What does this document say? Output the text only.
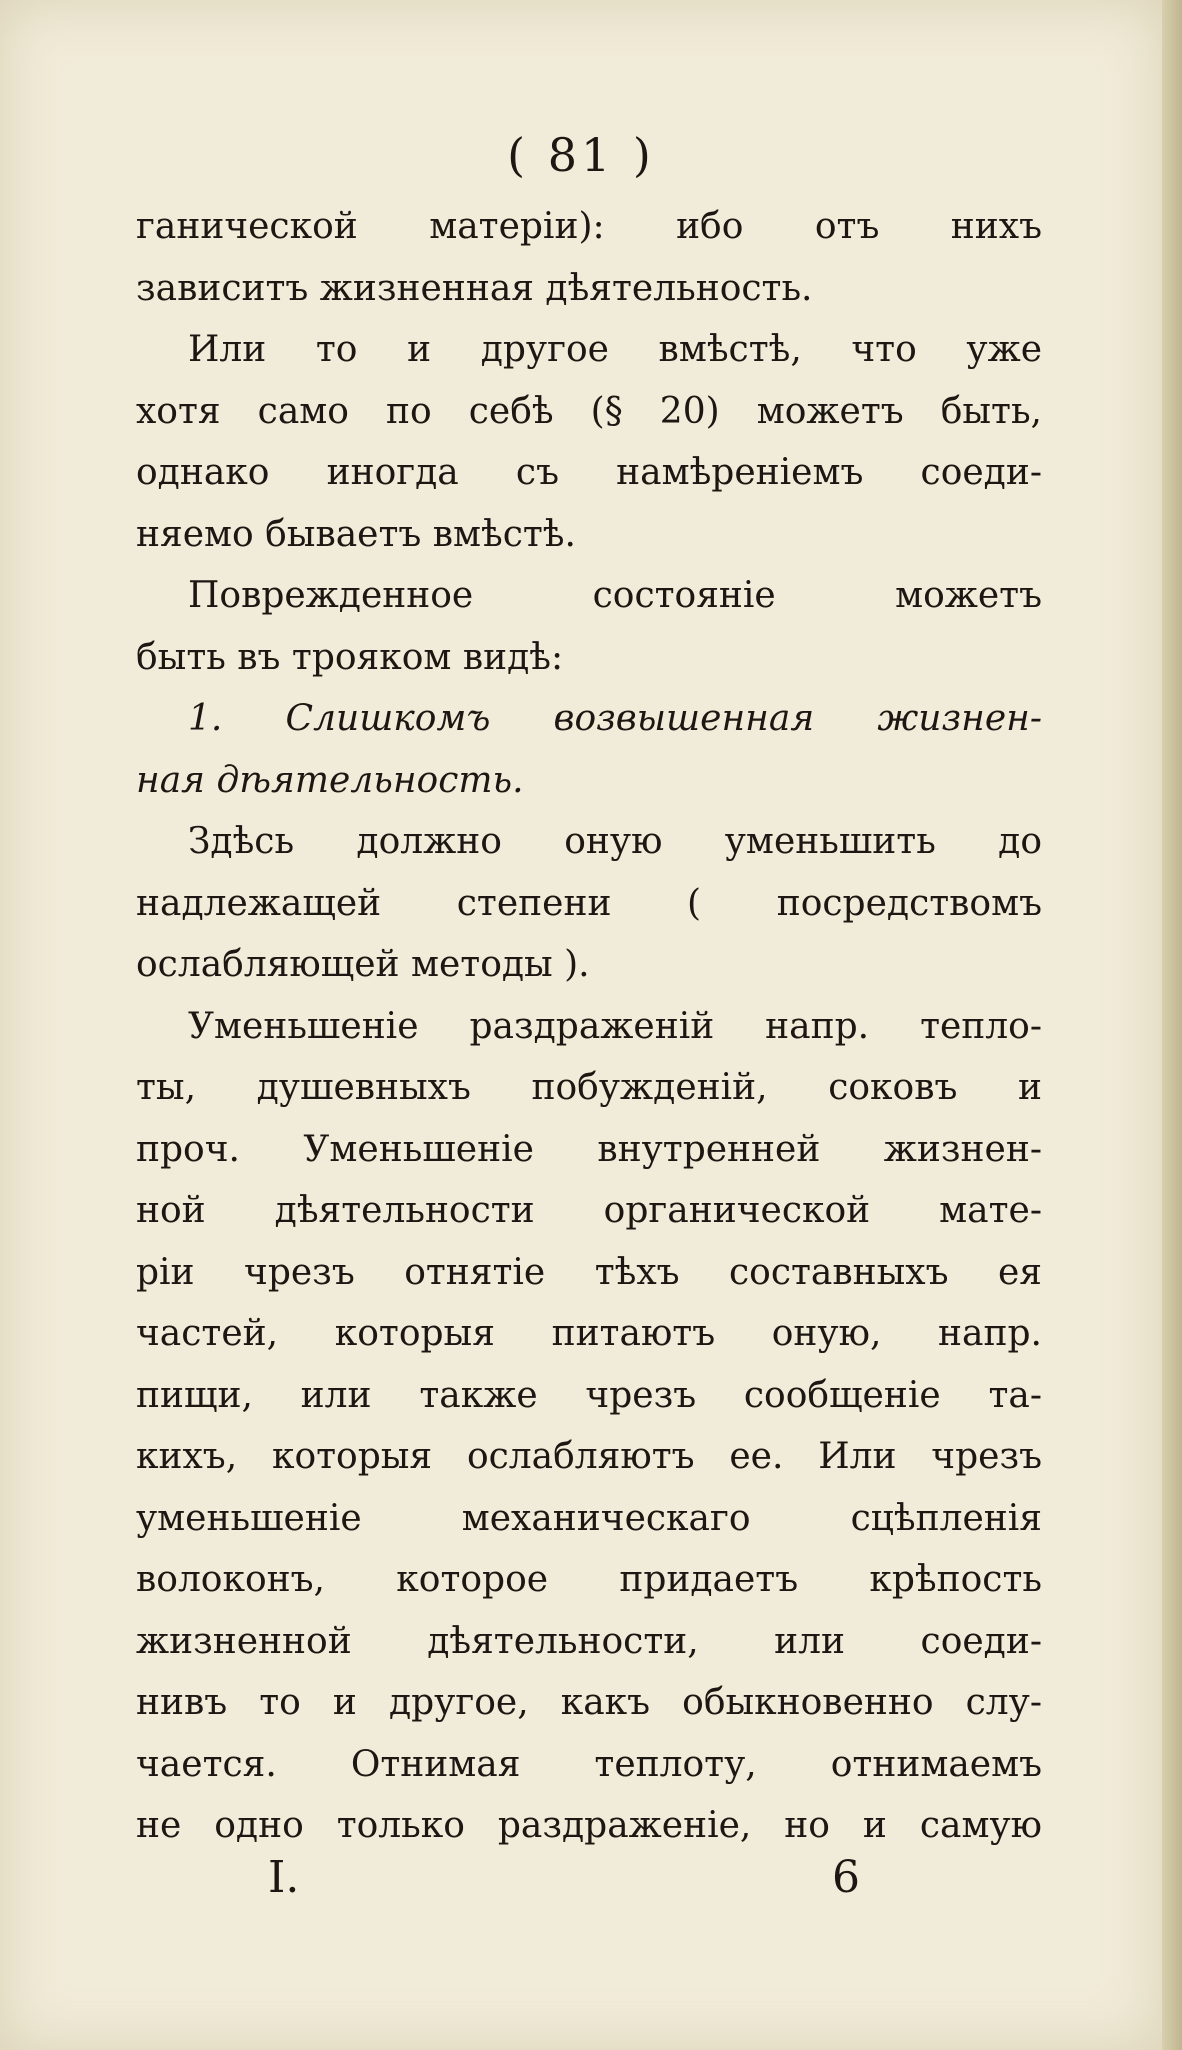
( 81 )
ганической матерiи): ибо отъ нихъ
зависитъ жизненная дѣятельность.
Или то и другое вмѣстѣ, что уже
хотя само по себѣ (§ 20) можетъ быть,
однако иногда съ намѣренiемъ соеди-
няемо бываетъ вмѣстѣ.
Поврежденное состоянiе можетъ
быть въ трояком видѣ:
1. Слишкомъ возвышенная жизнен-
ная дѣятельность.
Здѣсь должно оную уменьшить до
надлежащей степени ( посредствомъ
ослабляющей методы ).
Уменьшенiе раздраженiй напр. тепло-
ты, душевныхъ побужденiй, соковъ и
проч. Уменьшенiе внутренней жизнен-
ной дѣятельности органической мате-
рiи чрезъ отнятiе тѣхъ составныхъ ея
частей, которыя питаютъ оную, напр.
пищи, или также чрезъ сообщенiе та-
кихъ, которыя ослабляютъ ее. Или чрезъ
уменьшенiе механическаго сцѣпленiя
волоконъ, которое придаетъ крѣпость
жизненной дѣятельности, или соеди-
нивъ то и другое, какъ обыкновенно слу-
чается. Отнимая теплоту, отнимаемъ
не одно только раздраженiе, но и самую
I.	6
